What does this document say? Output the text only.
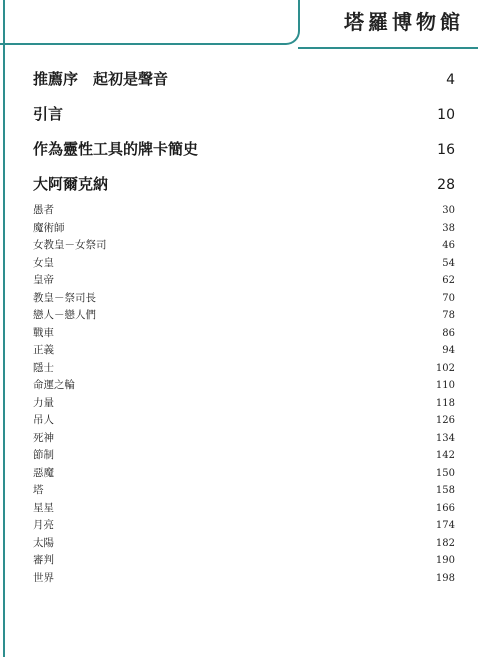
塔羅博物館
推薦序　起初是聲音	4
引言	10
作為靈性工具的牌卡簡史	16
大阿爾克納	28
愚者	30
魔術師	38
女教皇－女祭司	46
女皇	54
皇帝	62
教皇－祭司長	70
戀人－戀人們	78
戰車	86
正義	94
隱士	102
命運之輪	110
力量	118
吊人	126
死神	134
節制	142
惡魔	150
塔	158
星星	166
月亮	174
太陽	182
審判	190
世界	198
